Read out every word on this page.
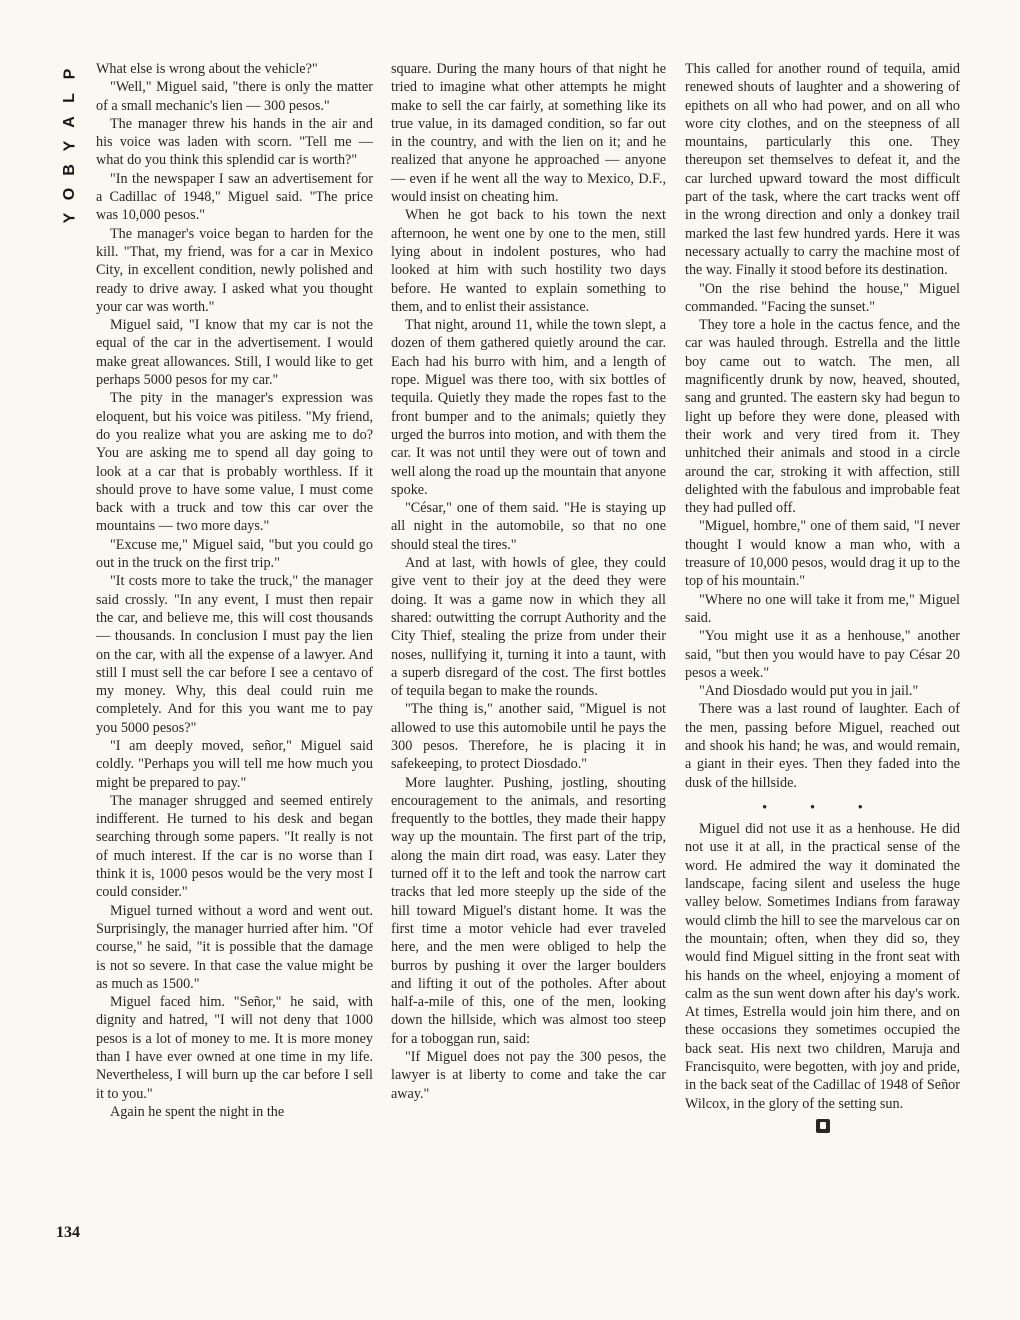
P
L
A
Y
B
O
Y

What else is wrong about the vehicle?"

"Well," Miguel said, "there is only the matter of a small mechanic's lien — 300 pesos."

The manager threw his hands in the air and his voice was laden with scorn. "Tell me — what do you think this splendid car is worth?"

"In the newspaper I saw an advertisement for a Cadillac of 1948," Miguel said. "The price was 10,000 pesos."

The manager's voice began to harden for the kill. "That, my friend, was for a car in Mexico City, in excellent condition, newly polished and ready to drive away. I asked what you thought your car was worth."

Miguel said, "I know that my car is not the equal of the car in the advertisement. I would make great allowances. Still, I would like to get perhaps 5000 pesos for my car."

The pity in the manager's expression was eloquent, but his voice was pitiless. "My friend, do you realize what you are asking me to do? You are asking me to spend all day going to look at a car that is probably worthless. If it should prove to have some value, I must come back with a truck and tow this car over the mountains — two more days."

"Excuse me," Miguel said, "but you could go out in the truck on the first trip."

"It costs more to take the truck," the manager said crossly. "In any event, I must then repair the car, and believe me, this will cost thousands — thousands. In conclusion I must pay the lien on the car, with all the expense of a lawyer. And still I must sell the car before I see a centavo of my money. Why, this deal could ruin me completely. And for this you want me to pay you 5000 pesos?"

"I am deeply moved, señor," Miguel said coldly. "Perhaps you will tell me how much you might be prepared to pay."

The manager shrugged and seemed entirely indifferent. He turned to his desk and began searching through some papers. "It really is not of much interest. If the car is no worse than I think it is, 1000 pesos would be the very most I could consider."

Miguel turned without a word and went out. Surprisingly, the manager hurried after him. "Of course," he said, "it is possible that the damage is not so severe. In that case the value might be as much as 1500."

Miguel faced him. "Señor," he said, with dignity and hatred, "I will not deny that 1000 pesos is a lot of money to me. It is more money than I have ever owned at one time in my life. Nevertheless, I will burn up the car before I sell it to you."

Again he spent the night in the

square. During the many hours of that night he tried to imagine what other attempts he might make to sell the car fairly, at something like its true value, in its damaged condition, so far out in the country, and with the lien on it; and he realized that anyone he approached — anyone — even if he went all the way to Mexico, D.F., would insist on cheating him.

When he got back to his town the next afternoon, he went one by one to the men, still lying about in indolent postures, who had looked at him with such hostility two days before. He wanted to explain something to them, and to enlist their assistance.

That night, around 11, while the town slept, a dozen of them gathered quietly around the car. Each had his burro with him, and a length of rope. Miguel was there too, with six bottles of tequila. Quietly they made the ropes fast to the front bumper and to the animals; quietly they urged the burros into motion, and with them the car. It was not until they were out of town and well along the road up the mountain that anyone spoke.

"César," one of them said. "He is staying up all night in the automobile, so that no one should steal the tires."

And at last, with howls of glee, they could give vent to their joy at the deed they were doing. It was a game now in which they all shared: outwitting the corrupt Authority and the City Thief, stealing the prize from under their noses, nullifying it, turning it into a taunt, with a superb disregard of the cost. The first bottles of tequila began to make the rounds.

"The thing is," another said, "Miguel is not allowed to use this automobile until he pays the 300 pesos. Therefore, he is placing it in safekeeping, to protect Diosdado."

More laughter. Pushing, jostling, shouting encouragement to the animals, and resorting frequently to the bottles, they made their happy way up the mountain. The first part of the trip, along the main dirt road, was easy. Later they turned off it to the left and took the narrow cart tracks that led more steeply up the side of the hill toward Miguel's distant home. It was the first time a motor vehicle had ever traveled here, and the men were obliged to help the burros by pushing it over the larger boulders and lifting it out of the potholes. After about half-a-mile of this, one of the men, looking down the hillside, which was almost too steep for a toboggan run, said:

"If Miguel does not pay the 300 pesos, the lawyer is at liberty to come and take the car away."

This called for another round of tequila, amid renewed shouts of laughter and a showering of epithets on all who had power, and on all who wore city clothes, and on the steepness of all mountains, particularly this one. They thereupon set themselves to defeat it, and the car lurched upward toward the most difficult part of the task, where the cart tracks went off in the wrong direction and only a donkey trail marked the last few hundred yards. Here it was necessary actually to carry the machine most of the way. Finally it stood before its destination.

"On the rise behind the house," Miguel commanded. "Facing the sunset."

They tore a hole in the cactus fence, and the car was hauled through. Estrella and the little boy came out to watch. The men, all magnificently drunk by now, heaved, shouted, sang and grunted. The eastern sky had begun to light up before they were done, pleased with their work and very tired from it. They unhitched their animals and stood in a circle around the car, stroking it with affection, still delighted with the fabulous and improbable feat they had pulled off.

"Miguel, hombre," one of them said, "I never thought I would know a man who, with a treasure of 10,000 pesos, would drag it up to the top of his mountain."

"Where no one will take it from me," Miguel said.

"You might use it as a henhouse," another said, "but then you would have to pay César 20 pesos a week."

"And Diosdado would put you in jail."

There was a last round of laughter. Each of the men, passing before Miguel, reached out and shook his hand; he was, and would remain, a giant in their eyes. Then they faded into the dusk of the hillside.

• • •

Miguel did not use it as a henhouse. He did not use it at all, in the practical sense of the word. He admired the way it dominated the landscape, facing silent and useless the huge valley below. Sometimes Indians from faraway would climb the hill to see the marvelous car on the mountain; often, when they did so, they would find Miguel sitting in the front seat with his hands on the wheel, enjoying a moment of calm as the sun went down after his day's work. At times, Estrella would join him there, and on these occasions they sometimes occupied the back seat. His next two children, Maruja and Francisquito, were begotten, with joy and pride, in the back seat of the Cadillac of 1948 of Señor Wilcox, in the glory of the setting sun.

134
